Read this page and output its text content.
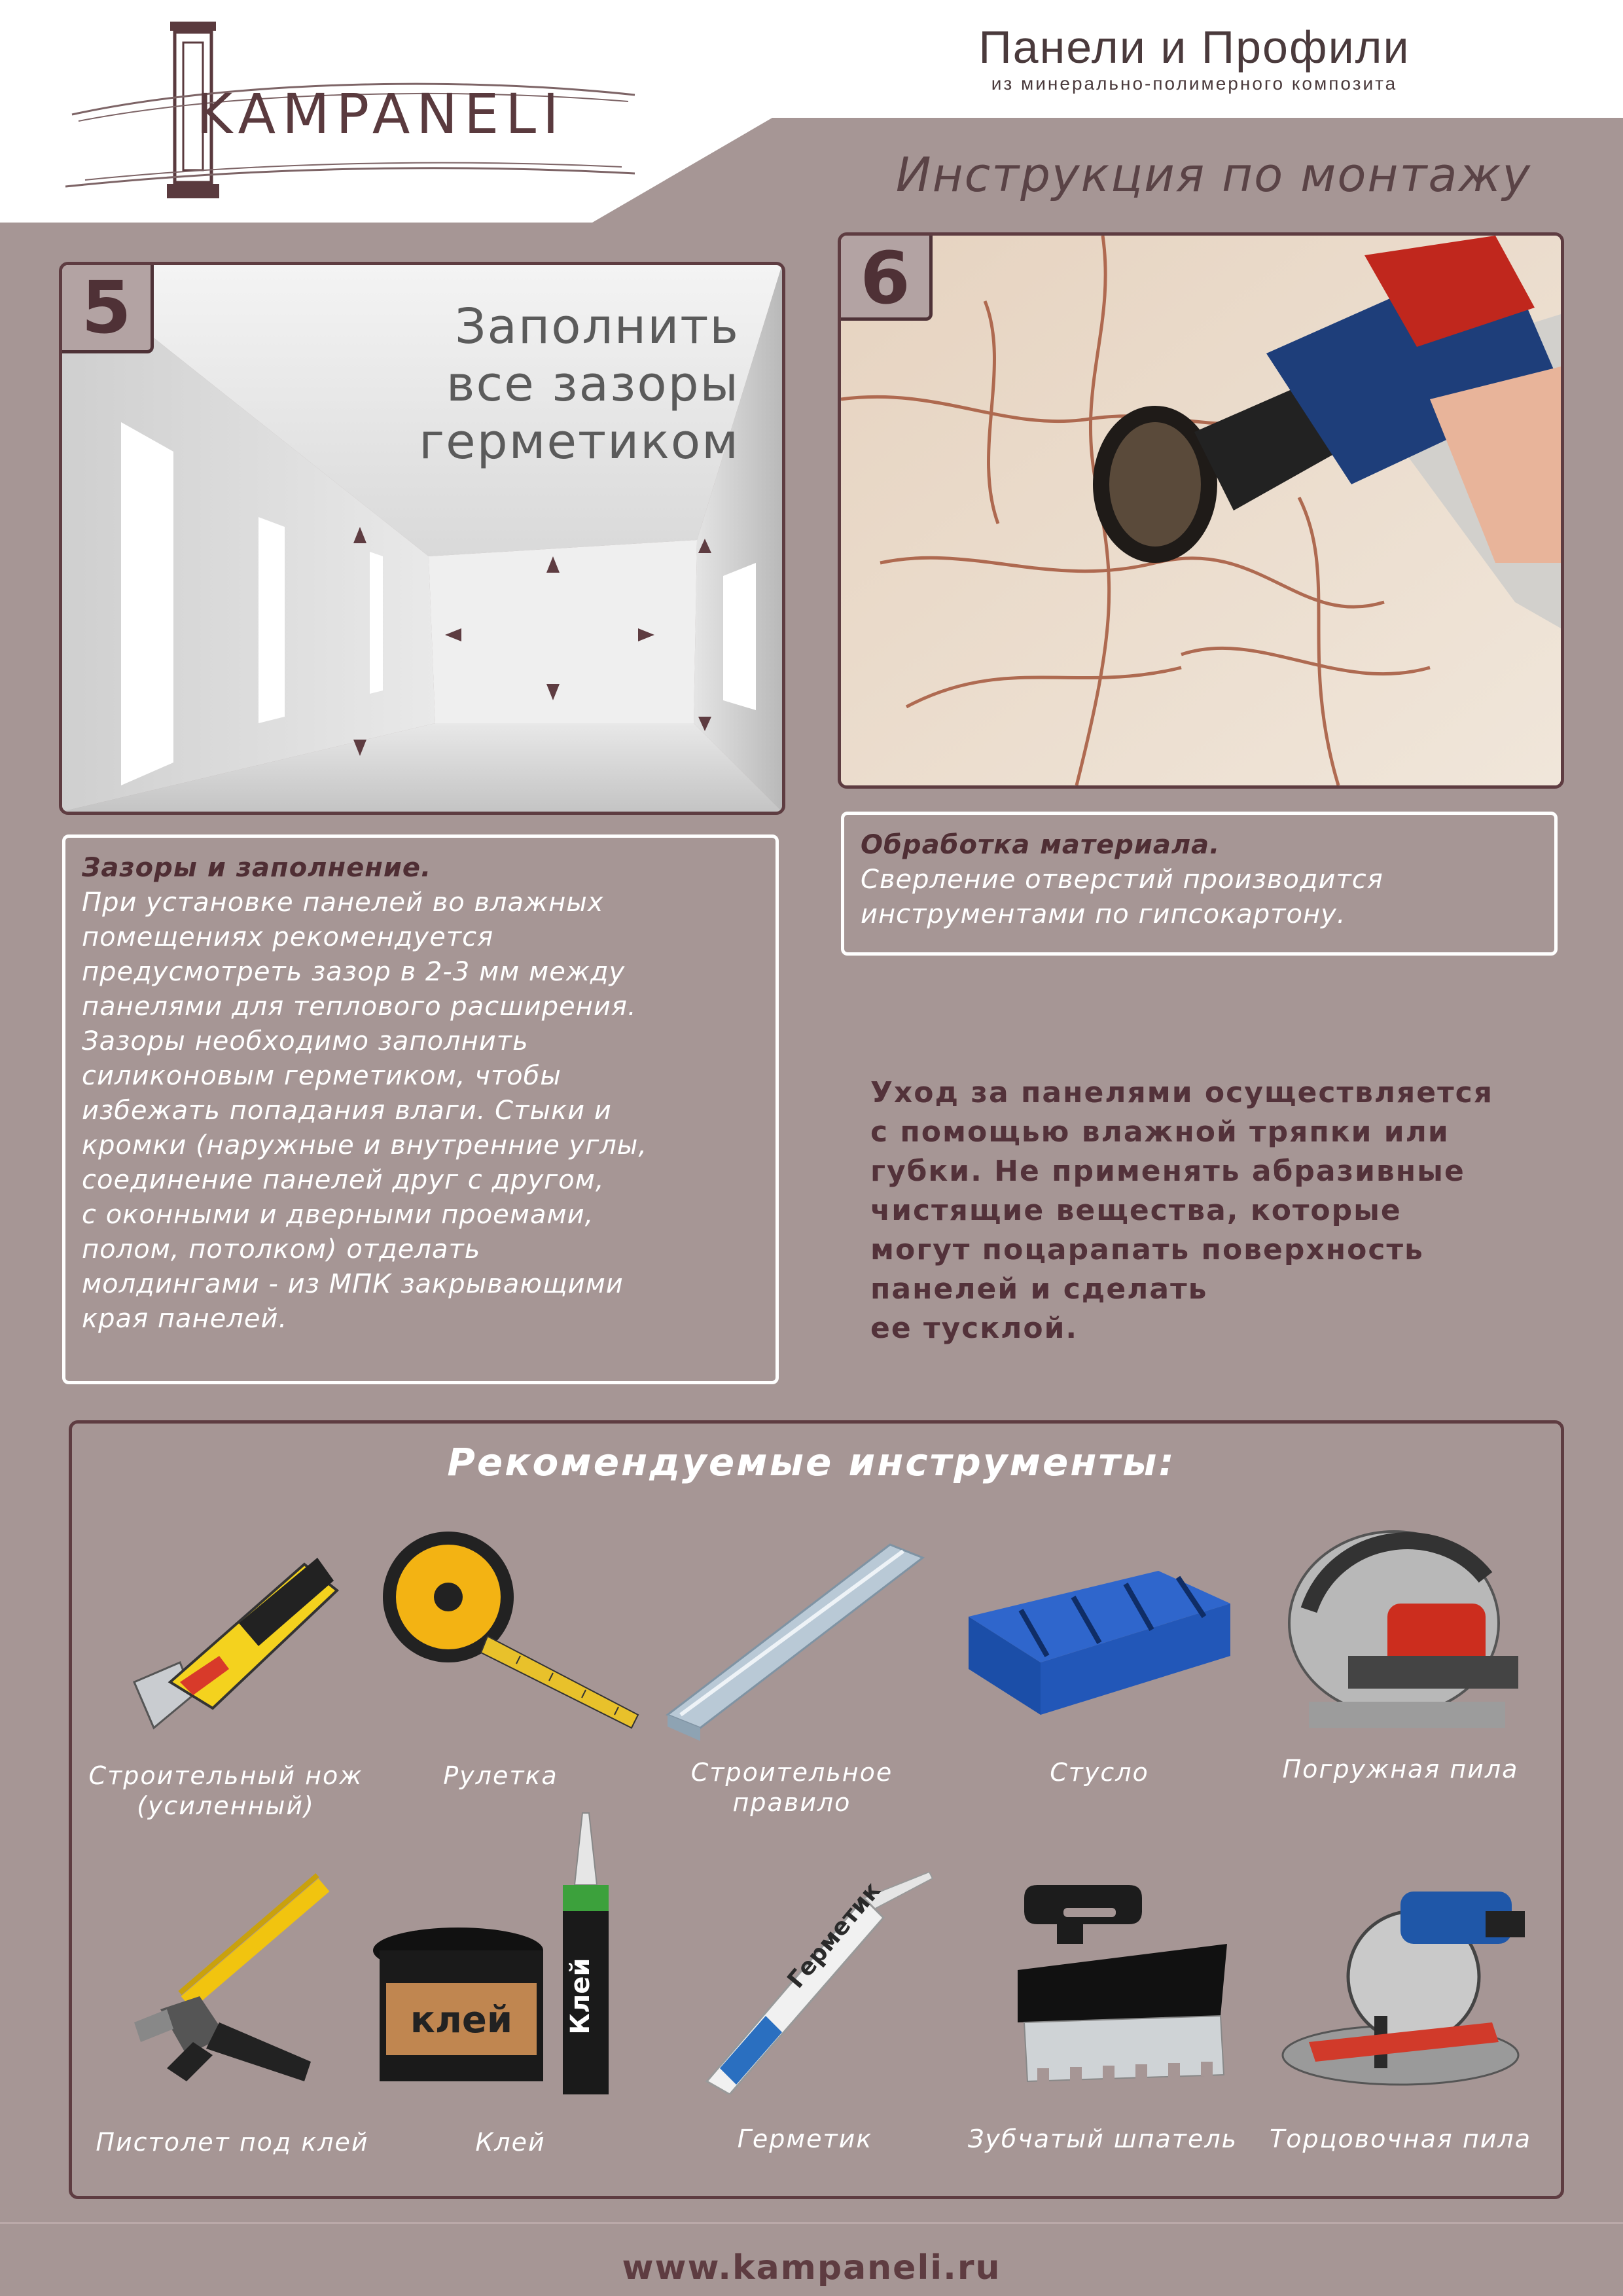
KAMPANELI
Панели и Профили
из минерально-полимерного композита
Инструкция по монтажу
5	Заполнить
все зазоры
герметиком
6
Зазоры и заполнение.
При установке панелей во влажных
помещениях рекомендуется
предусмотреть зазор в 2-3 мм между
панелями для теплового расширения.
Зазоры необходимо заполнить
силиконовым герметиком, чтобы
избежать попадания влаги. Стыки и
кромки (наружные и внутренние углы,
соединение панелей друг с другом,
с оконными и дверными проемами,
полом, потолком) отделать
молдингами - из МПК закрывающими
края панелей.
Обработка материала.
Сверление отверстий производится
инструментами по гипсокартону.
Уход за панелями осуществляется
с помощью влажной тряпки или
губки. Не применять абразивные
чистящие вещества, которые
могут поцарапать поверхность
панелей и сделать
ее тусклой.
Рекомендуемые инструменты:
Строительный нож
(усиленный)
Рулетка	Строительное
правило
Стусло	Погружная пила
Пистолет под клей
клей Клей
Клей
Герметик
Герметик	Зубчатый шпатель	Торцовочная пила
www.kampaneli.ru
